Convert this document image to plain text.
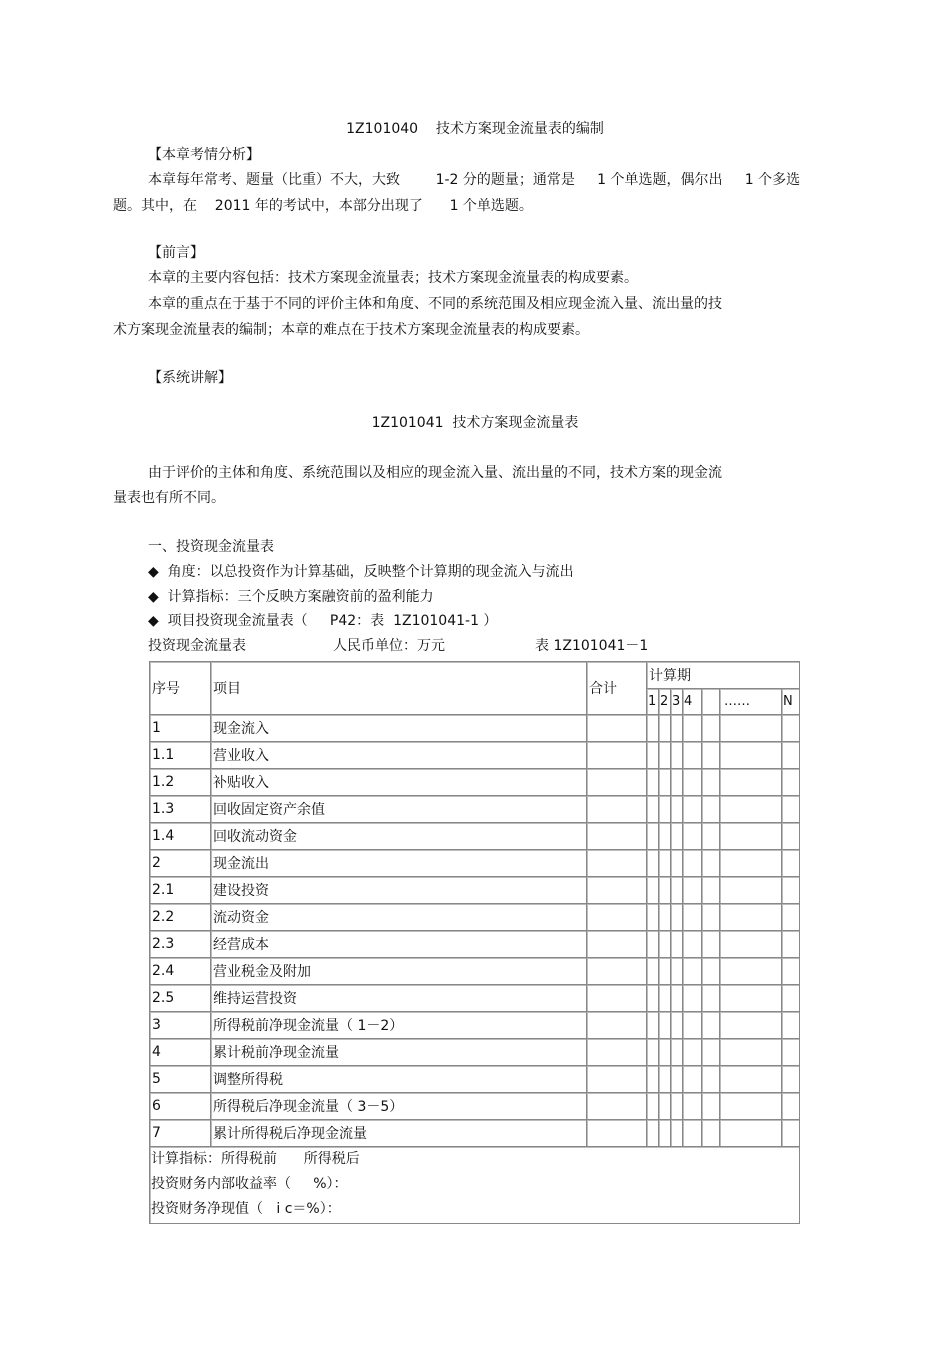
1Z101040    技术方案现金流量表的编制
【本章考情分析】
本章每年常考、题量（比重）不大，大致        1-2 分的题量；通常是     1 个单选题，偶尔出     1 个多选
题。其中，在    2011 年的考试中，本部分出现了      1 个单选题。
【前言】
本章的主要内容包括：技术方案现金流量表；技术方案现金流量表的构成要素。
本章的重点在于基于不同的评价主体和角度、不同的系统范围及相应现金流入量、流出量的技
术方案现金流量表的编制；本章的难点在于技术方案现金流量表的构成要素。
【系统讲解】
1Z101041  技术方案现金流量表
由于评价的主体和角度、系统范围以及相应的现金流入量、流出量的不同，技术方案的现金流
量表也有所不同。
一、投资现金流量表
◆  角度：以总投资作为计算基础，反映整个计算期的现金流入与流出
◆  计算指标：三个反映方案融资前的盈利能力
◆  项目投资现金流量表（     P42：表  1Z101041-1 ）
投资现金流量表	人民币单位：万元	表 1Z101041－1
序号	项目	合计	计算期						
			1	2	3	4		……	N
1	现金流入								
1.1	营业收入								
1.2	补贴收入								
1.3	回收固定资产余值								
1.4	回收流动资金								
2	现金流出								
2.1	建设投资								
2.2	流动资金								
2.3	经营成本								
2.4	营业税金及附加								
2.5	维持运营投资								
3	所得税前净现金流量（ 1－2）								
4	累计税前净现金流量								
5	调整所得税								
6	所得税后净现金流量（ 3－5）								
7	累计所得税后净现金流量								

计算指标：所得税前      所得税后
投资财务内部收益率（     %）：
投资财务净现值（   i c＝%）：									
